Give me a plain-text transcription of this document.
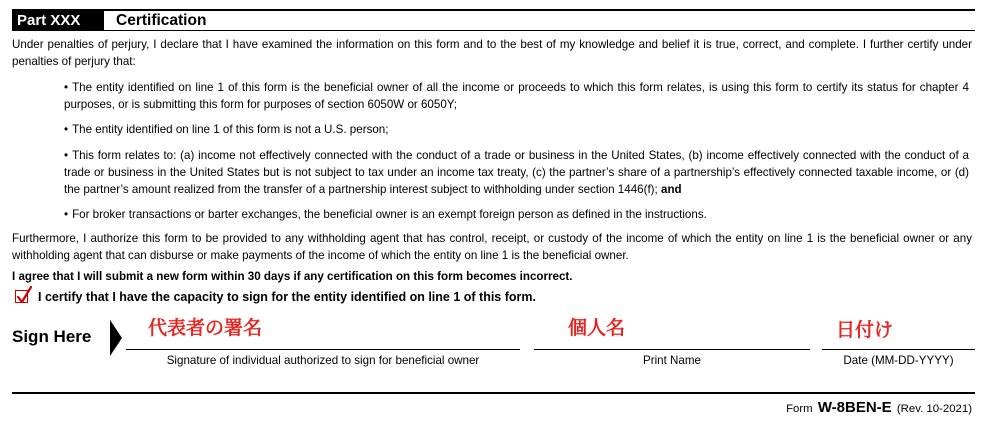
Part XXX	Certification

Under penalties of perjury, I declare that I have examined the information on this form and to the best of my knowledge and belief it is true, correct, and complete. I further certify under penalties of perjury that:

• The entity identified on line 1 of this form is the beneficial owner of all the income or proceeds to which this form relates, is using this form to certify its status for chapter 4 purposes, or is submitting this form for purposes of section 6050W or 6050Y;

• The entity identified on line 1 of this form is not a U.S. person;

• This form relates to: (a) income not effectively connected with the conduct of a trade or business in the United States, (b) income effectively connected with the conduct of a trade or business in the United States but is not subject to tax under an income tax treaty, (c) the partner’s share of a partnership’s effectively connected taxable income, or (d) the partner’s amount realized from the transfer of a partnership interest subject to withholding under section 1446(f); and

• For broker transactions or barter exchanges, the beneficial owner is an exempt foreign person as defined in the instructions.

Furthermore, I authorize this form to be provided to any withholding agent that has control, receipt, or custody of the income of which the entity on line 1 is the beneficial owner or any withholding agent that can disburse or make payments of the income of which the entity on line 1 is the beneficial owner.

I agree that I will submit a new form within 30 days if any certification on this form becomes incorrect.
I certify that I have the capacity to sign for the entity identified on line 1 of this form.
Sign Here	代表者の署名	個人名	日付け
Signature of individual authorized to sign for beneficial owner	Print Name	Date (MM-DD-YYYY)
Form W-8BEN-E (Rev. 10-2021)
